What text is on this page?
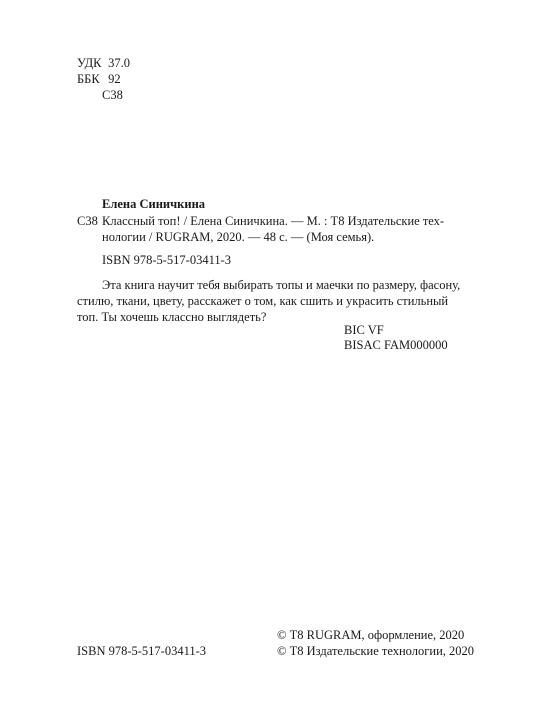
УДК 37.0
ББК 92
С38
Елена Синичкина
С38 Классный топ! / Елена Синичкина. — М. : Т8 Издательские тех-
нологии / RUGRAM, 2020. — 48 с. — (Моя семья).
ISBN 978-5-517-03411-3
Эта книга научит тебя выбирать топы и маечки по размеру, фасону,
стилю, ткани, цвету, расскажет о том, как сшить и украсить стильный
топ. Ты хочешь классно выглядеть?
BIC VF
BISAC FAM000000
© Т8 RUGRAM, оформление, 2020
ISBN 978-5-517-03411-3	© Т8 Издательские технологии, 2020
